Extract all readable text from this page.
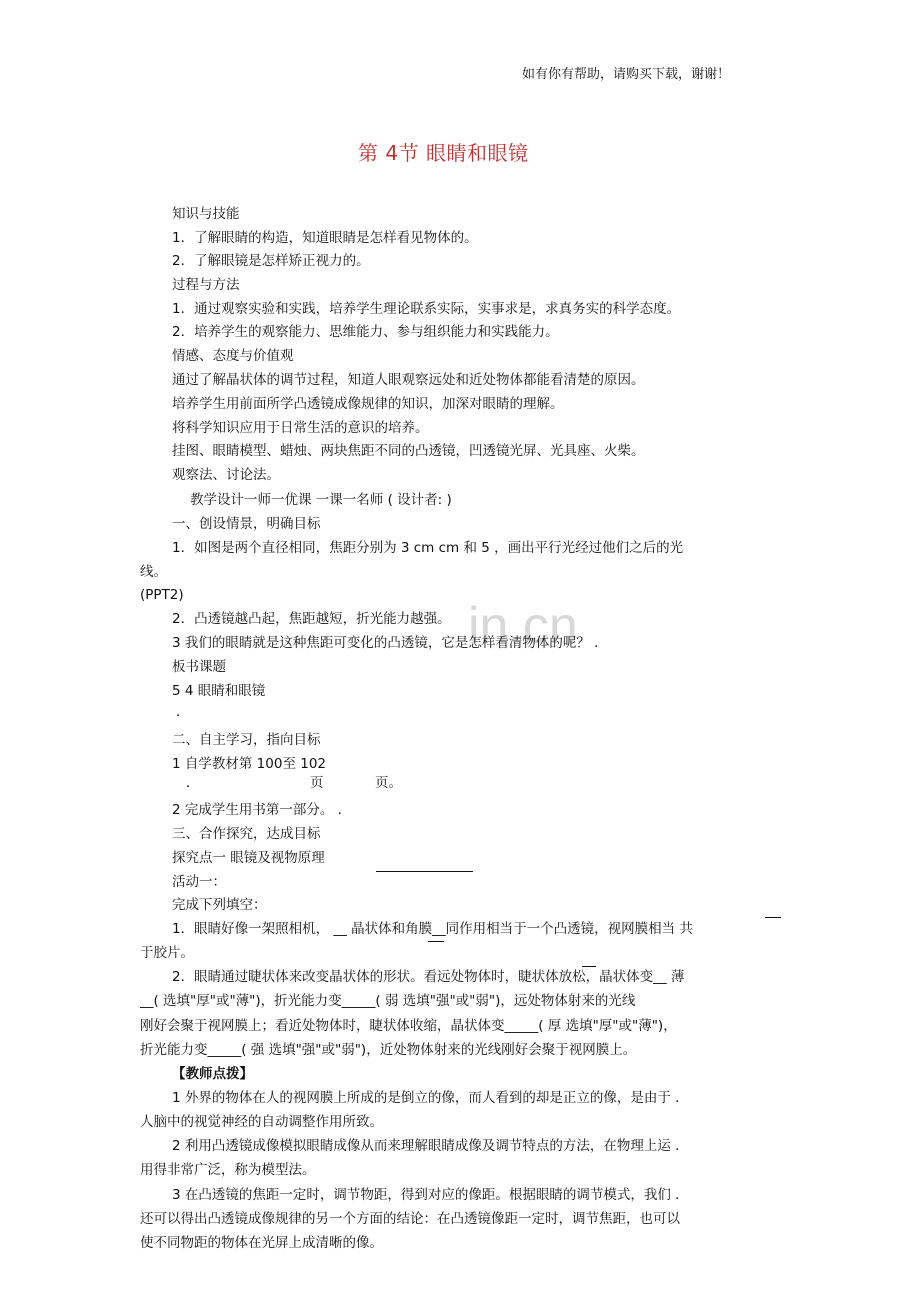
如有你有帮助，请购买下载，谢谢！
第 4节 眼睛和眼镜
in.cn
知识与技能
1．了解眼睛的构造，知道眼睛是怎样看见物体的。
2．了解眼镜是怎样矫正视力的。
过程与方法
1．通过观察实验和实践，培养学生理论联系实际，实事求是，求真务实的科学态度。
2．培养学生的观察能力、思维能力、参与组织能力和实践能力。
情感、态度与价值观
通过了解晶状体的调节过程，知道人眼观察远处和近处物体都能看清楚的原因。
培养学生用前面所学凸透镜成像规律的知识，加深对眼睛的理解。
将科学知识应用于日常生活的意识的培养。
挂图、眼睛模型、蜡烛、两块焦距不同的凸透镜，凹透镜光屏、光具座、火柴。
观察法、讨论法。
教学设计一师一优课 一课一名师 ( 设计者: )
一、创设情景，明确目标
1．如图是两个直径相同，焦距分别为 3 cm cm 和 5 ，画出平行光经过他们之后的光
线。
(PPT2)
2．凸透镜越凸起，焦距越短，折光能力越强。
3 我们的眼睛就是这种焦距可变化的凸透镜，它是怎样看清物体的呢？ ．
板书课题
5 4 眼睛和眼镜
．
二、自主学习，指向目标
1 自学教材第 100至 102
．	页	页。
2 完成学生用书第一部分。 ．
三、合作探究，达成目标
探究点一 眼镜及视物原理
活动一：
完成下列填空：
1．眼睛好像一架照相机， __ 晶状体和角膜__同作用相当于一个凸透镜，视网膜相当 共
于胶片。
2．眼睛通过睫状体来改变晶状体的形状。看远处物体时，睫状体放松，晶状体变__ 薄
__( 选填"厚"或"薄")，折光能力变_____( 弱 选填"强"或"弱")，远处物体射来的光线
刚好会聚于视网膜上；看近处物体时，睫状体收缩，晶状体变_____( 厚 选填"厚"或"薄")，
折光能力变_____( 强 选填"强"或"弱")，近处物体射来的光线刚好会聚于视网膜上。
【教师点拨】
1 外界的物体在人的视网膜上所成的是倒立的像，而人看到的却是正立的像，是由于 ．
人脑中的视觉神经的自动调整作用所致。
2 利用凸透镜成像模拟眼睛成像从而来理解眼睛成像及调节特点的方法，在物理上运 ．
用得非常广泛，称为模型法。
3 在凸透镜的焦距一定时，调节物距，得到对应的像距。根据眼睛的调节模式，我们 ．
还可以得出凸透镜成像规律的另一个方面的结论：在凸透镜像距一定时，调节焦距，也可以
使不同物距的物体在光屏上成清晰的像。
